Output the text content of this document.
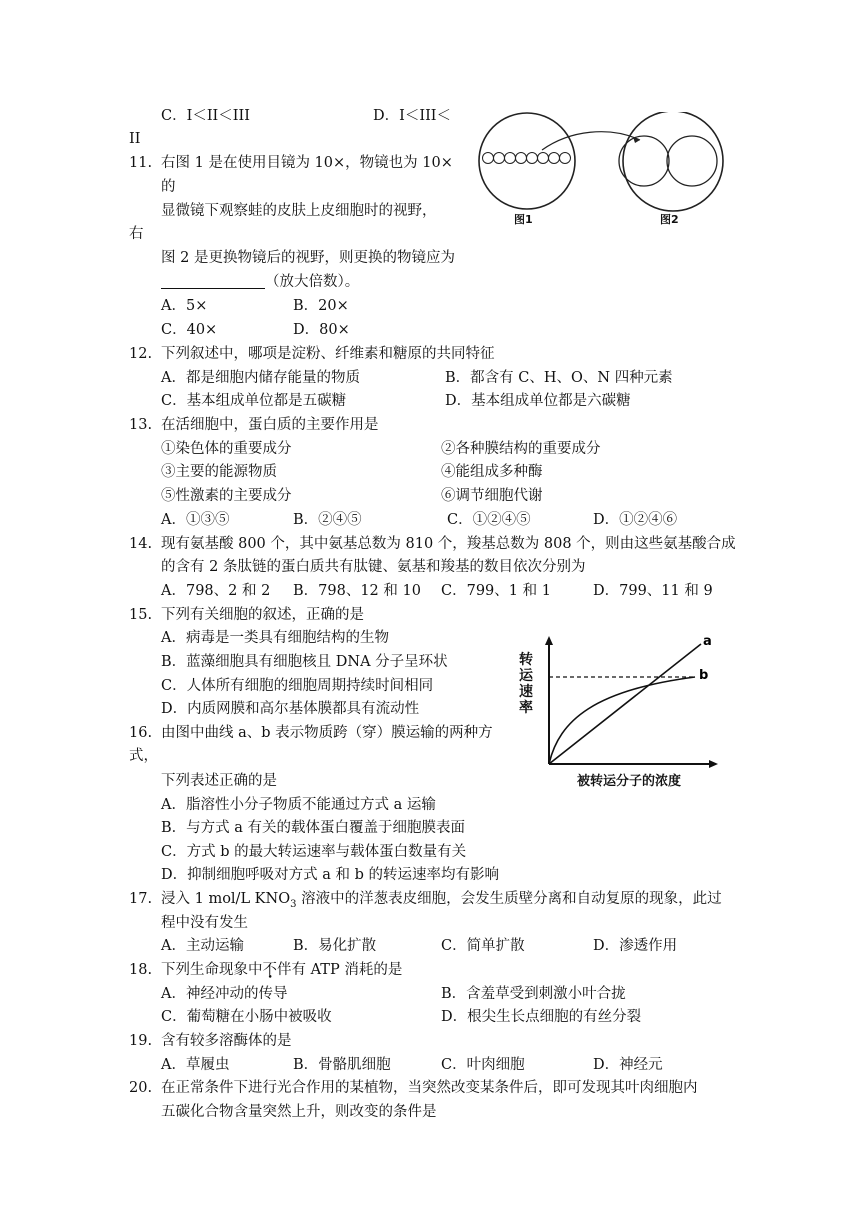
C．I＜II＜III	D．I＜III＜
II
11. 右图 1 是在使用目镜为 10×，物镜也为 10×
的
显微镜下观察蛙的皮肤上皮细胞时的视野，
右
图 2 是更换物镜后的视野，则更换的物镜应为
（放大倍数）。
A．5×	B．20×
C．40×	D．80×
图1	图2
12. 下列叙述中，哪项是淀粉、纤维素和糖原的共同特征
A．都是细胞内储存能量的物质	B．都含有 C、H、O、N 四种元素
C．基本组成单位都是五碳糖	D．基本组成单位都是六碳糖
13. 在活细胞中，蛋白质的主要作用是
①染色体的重要成分	②各种膜结构的重要成分
③主要的能源物质	④能组成多种酶
⑤性激素的主要成分	⑥调节细胞代谢
A．①③⑤	B．②④⑤	C．①②④⑤	D．①②④⑥
14. 现有氨基酸 800 个，其中氨基总数为 810 个，羧基总数为 808 个，则由这些氨基酸合成
的含有 2 条肽链的蛋白质共有肽键、氨基和羧基的数目依次分别为
A．798、2 和 2 B．798、12 和 10 C．799、1 和 1	D．799、11 和 9
15. 下列有关细胞的叙述，正确的是
A．病毒是一类具有细胞结构的生物
B．蓝藻细胞具有细胞核且 DNA 分子呈环状
C．人体所有细胞的细胞周期持续时间相同
D．内质网膜和高尔基体膜都具有流动性
a
b
转运速率
被转运分子的浓度
16. 由图中曲线 a、b 表示物质跨（穿）膜运输的两种方
式，
下列表述正确的是
A．脂溶性小分子物质不能通过方式 a 运输
B．与方式 a 有关的载体蛋白覆盖于细胞膜表面
C．方式 b 的最大转运速率与载体蛋白数量有关
D．抑制细胞呼吸对方式 a 和 b 的转运速率均有影响
17. 浸入 1 mol/L $KNO_3$ 溶液中的洋葱表皮细胞，会发生质壁分离和自动复原的现象，此过
程中没有发生
A．主动运输	B．易化扩散	C．简单扩散	D．渗透作用
18. 下列生命现象中不伴有 ATP 消耗的是
A．神经冲动的传导	B．含羞草受到刺激小叶合拢
C．葡萄糖在小肠中被吸收	D．根尖生长点细胞的有丝分裂
19. 含有较多溶酶体的是
A．草履虫	B．骨骼肌细胞	C．叶肉细胞	D．神经元
20. 在正常条件下进行光合作用的某植物，当突然改变某条件后，即可发现其叶肉细胞内
五碳化合物含量突然上升，则改变的条件是
